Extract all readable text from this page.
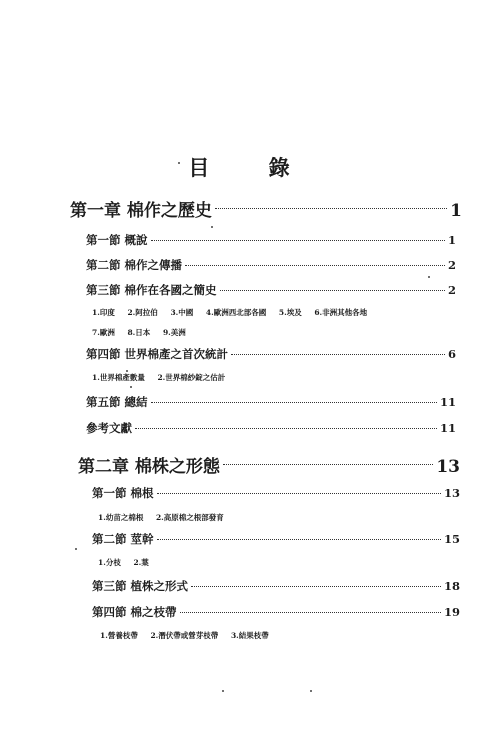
目 錄
第一章 棉作之歷史	1
第一節 概說	1
第二節 棉作之傳播	2
第三節 棉作在各國之簡史	2
1.印度 2.阿拉伯 3.中國 4.歐洲西北部各國 5.埃及 6.非洲其他各地
7.歐洲 8.日本 9.美洲
第四節 世界棉產之首次統計	6
1.世界棉產數量 2.世界棉紗錠之估計
第五節 總結	11
參考文獻	11
第二章 棉株之形態	13
第一節 棉根	13
1.幼苗之棉根 2.高原棉之根部發育
第二節 莖幹	15
1.分枝 2.葉
第三節 植株之形式	18
第四節 棉之枝帶	19
1.營養枝帶 2.潛伏帶或營芽枝帶 3.結果枝帶
